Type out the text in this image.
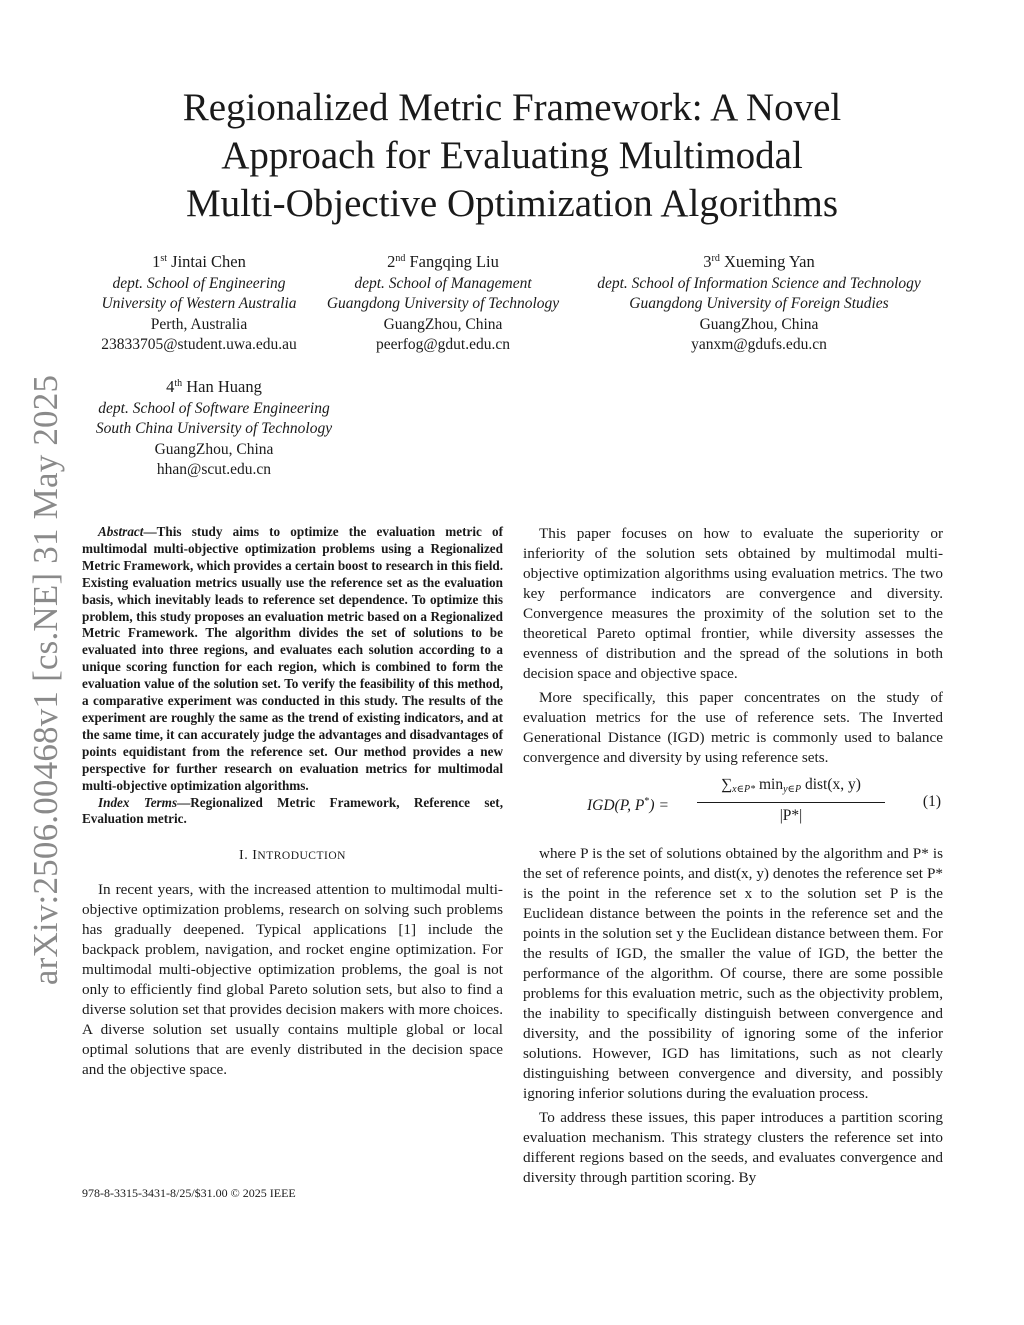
arXiv:2506.00468v1 [cs.NE] 31 May 2025
Regionalized Metric Framework: A Novel
Approach for Evaluating Multimodal
Multi-Objective Optimization Algorithms
1st Jintai Chen
dept. School of Engineering
University of Western Australia
Perth, Australia
23833705@student.uwa.edu.au
2nd Fangqing Liu
dept. School of Management
Guangdong University of Technology
GuangZhou, China
peerfog@gdut.edu.cn
3rd Xueming Yan
dept. School of Information Science and Technology
Guangdong University of Foreign Studies
GuangZhou, China
yanxm@gdufs.edu.cn
4th Han Huang
dept. School of Software Engineering
South China University of Technology
GuangZhou, China
hhan@scut.edu.cn

Abstract—This study aims to optimize the evaluation metric of multimodal multi-objective optimization problems using a Regionalized Metric Framework, which provides a certain boost to research in this field. Existing evaluation metrics usually use the reference set as the evaluation basis, which inevitably leads to reference set dependence. To optimize this problem, this study proposes an evaluation metric based on a Regionalized Metric Framework. The algorithm divides the set of solutions to be evaluated into three regions, and evaluates each solution according to a unique scoring function for each region, which is combined to form the evaluation value of the solution set. To verify the feasibility of this method, a comparative experiment was conducted in this study. The results of the experiment are roughly the same as the trend of existing indicators, and at the same time, it can accurately judge the advantages and disadvantages of points equidistant from the reference set. Our method provides a new perspective for further research on evaluation metrics for multimodal multi-objective optimization algorithms.

Index Terms—Regionalized Metric Framework, Reference set, Evaluation metric.

I. INTRODUCTION

In recent years, with the increased attention to multimodal multi-objective optimization problems, research on solving such problems has gradually deepened. Typical applications [1] include the backpack problem, navigation, and rocket engine optimization. For multimodal multi-objective optimization problems, the goal is not only to efficiently find global Pareto solution sets, but also to find a diverse solution set that provides decision makers with more choices. A diverse solution set usually contains multiple global or local optimal solutions that are evenly distributed in the decision space and the objective space.

This paper focuses on how to evaluate the superiority or inferiority of the solution sets obtained by multimodal multi-objective optimization algorithms using evaluation metrics. The two key performance indicators are convergence and diversity. Convergence measures the proximity of the solution set to the theoretical Pareto optimal frontier, while diversity assesses the evenness of distribution and the spread of the solutions in both decision space and objective space.

More specifically, this paper concentrates on the study of evaluation metrics for the use of reference sets. The Inverted Generational Distance (IGD) metric is commonly used to balance convergence and diversity by using reference sets.

IGD(P, P*) =
$\sum_{x\in P*}$ $\min_{y\in P}$ dist(x, y)
|P*|
(1)

where P is the set of solutions obtained by the algorithm and P* is the set of reference points, and dist(x, y) denotes the reference set P* is the point in the reference set x to the solution set P is the Euclidean distance between the points in the reference set and the points in the solution set y the Euclidean distance between them. For the results of IGD, the smaller the value of IGD, the better the performance of the algorithm. Of course, there are some possible problems for this evaluation metric, such as the objectivity problem, the inability to specifically distinguish between convergence and diversity, and the possibility of ignoring some of the inferior solutions. However, IGD has limitations, such as not clearly distinguishing between convergence and diversity, and possibly ignoring inferior solutions during the evaluation process.

To address these issues, this paper introduces a partition scoring evaluation mechanism. This strategy clusters the reference set into different regions based on the seeds, and evaluates convergence and diversity through partition scoring. By

978-8-3315-3431-8/25/$31.00 © 2025 IEEE
